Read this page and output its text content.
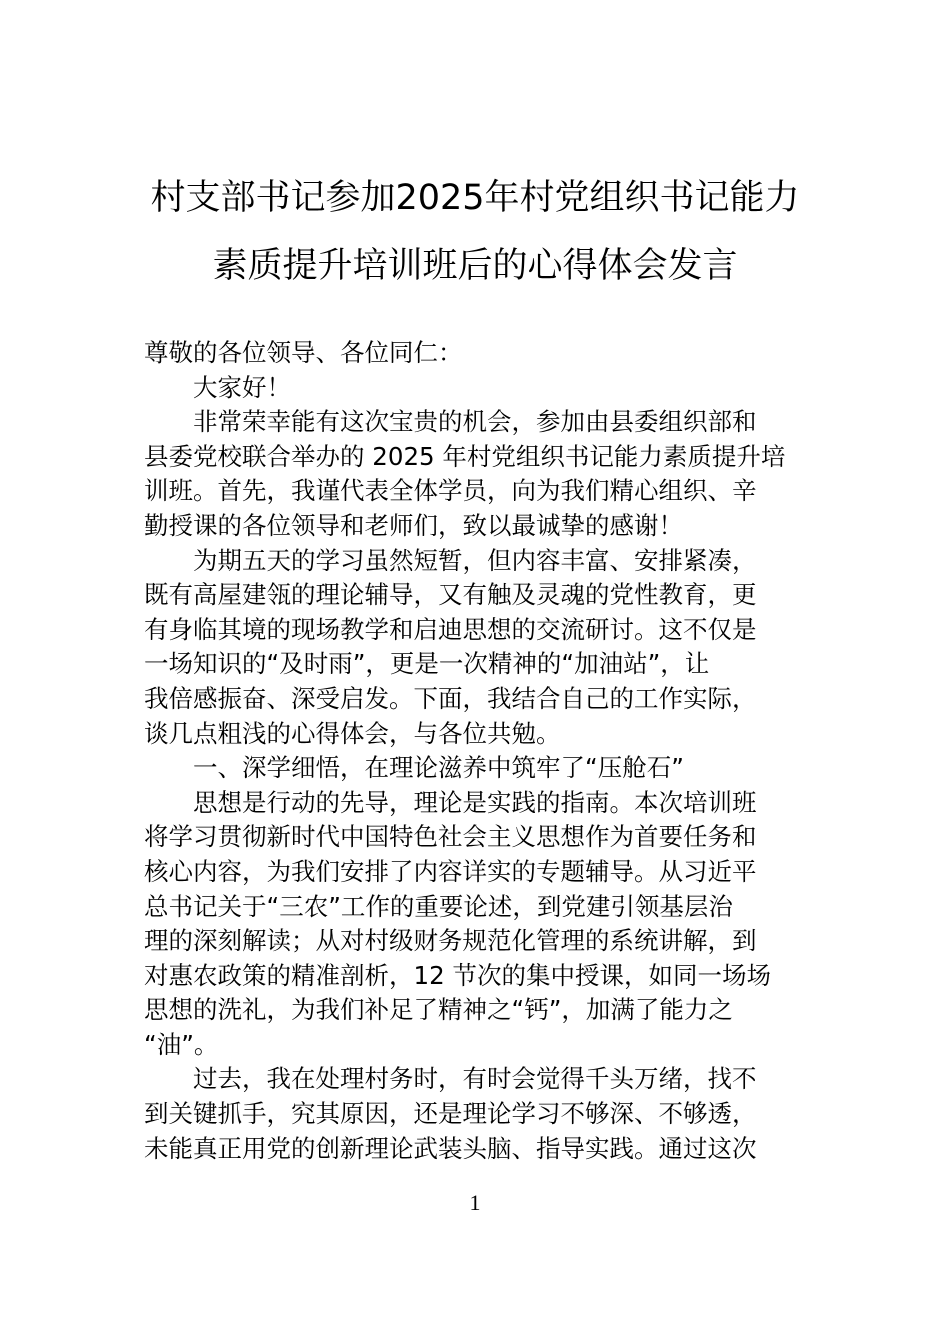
村支部书记参加2025年村党组织书记能力
素质提升培训班后的心得体会发言
尊敬的各位领导、各位同仁：
大家好！
非常荣幸能有这次宝贵的机会，参加由县委组织部和
县委党校联合举办的 2025 年村党组织书记能力素质提升培
训班。首先，我谨代表全体学员，向为我们精心组织、辛
勤授课的各位领导和老师们，致以最诚挚的感谢！
为期五天的学习虽然短暂，但内容丰富、安排紧凑，
既有高屋建瓴的理论辅导，又有触及灵魂的党性教育，更
有身临其境的现场教学和启迪思想的交流研讨。这不仅是
一场知识的“及时雨”，更是一次精神的“加油站”，让
我倍感振奋、深受启发。下面，我结合自己的工作实际，
谈几点粗浅的心得体会，与各位共勉。
一、深学细悟，在理论滋养中筑牢了“压舱石”
思想是行动的先导，理论是实践的指南。本次培训班
将学习贯彻新时代中国特色社会主义思想作为首要任务和
核心内容，为我们安排了内容详实的专题辅导。从习近平
总书记关于“三农”工作的重要论述，到党建引领基层治
理的深刻解读；从对村级财务规范化管理的系统讲解，到
对惠农政策的精准剖析，12 节次的集中授课，如同一场场
思想的洗礼，为我们补足了精神之“钙”，加满了能力之
“油”。
过去，我在处理村务时，有时会觉得千头万绪，找不
到关键抓手，究其原因，还是理论学习不够深、不够透，
未能真正用党的创新理论武装头脑、指导实践。通过这次
1
